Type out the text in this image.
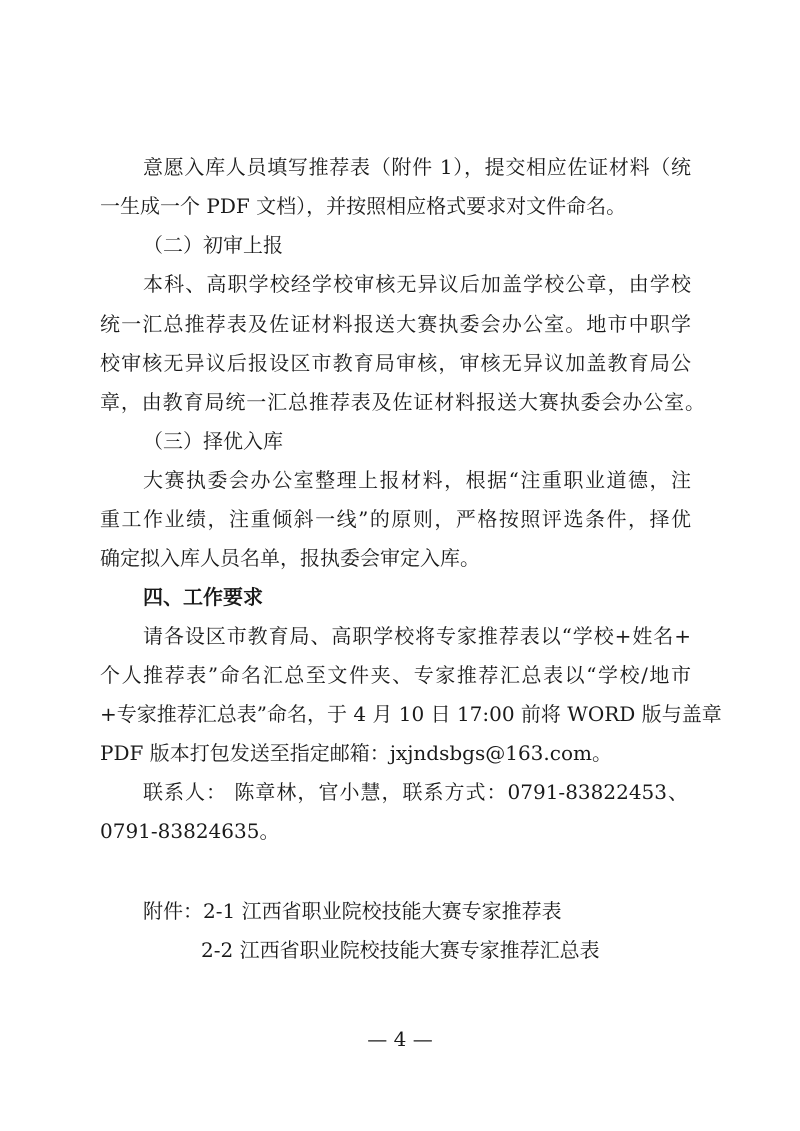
意愿入库人员填写推荐表（附件 1），提交相应佐证材料（统

一生成一个 PDF 文档），并按照相应格式要求对文件命名。

（二）初审上报

本科、高职学校经学校审核无异议后加盖学校公章，由学校

统一汇总推荐表及佐证材料报送大赛执委会办公室。地市中职学

校审核无异议后报设区市教育局审核，审核无异议加盖教育局公

章，由教育局统一汇总推荐表及佐证材料报送大赛执委会办公室。

（三）择优入库

大赛执委会办公室整理上报材料，根据“注重职业道德，注

重工作业绩，注重倾斜一线”的原则，严格按照评选条件，择优

确定拟入库人员名单，报执委会审定入库。

四、工作要求

请各设区市教育局、高职学校将专家推荐表以“学校+姓名+

个人推荐表”命名汇总至文件夹、专家推荐汇总表以“学校/地市

+专家推荐汇总表”命名，于 4 月 10 日 17:00 前将 WORD 版与盖章

PDF 版本打包发送至指定邮箱：jxjndsbgs@163.com。

联系人： 陈章林，官小慧，联系方式：0791-83822453、

0791-83824635。

附件：2-1 江西省职业院校技能大赛专家推荐表

2-2 江西省职业院校技能大赛专家推荐汇总表

— 4 —
